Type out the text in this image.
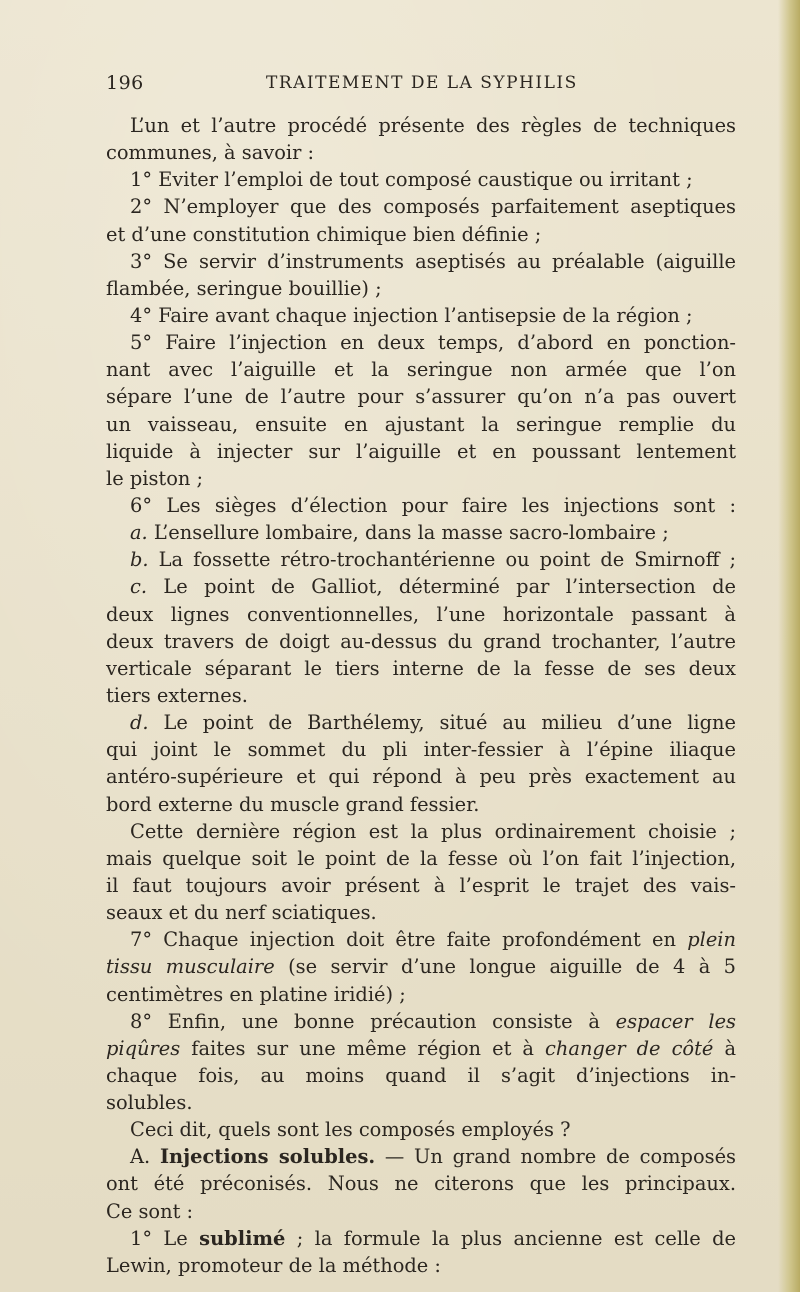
196	TRAITEMENT DE LA SYPHILIS
L’un et l’autre procédé présente des règles de techniques
communes, à savoir :
1° Eviter l’emploi de tout composé caustique ou irritant ;
2° N’employer que des composés parfaitement aseptiques
et d’une constitution chimique bien définie ;
3° Se servir d’instruments aseptisés au préalable (aiguille
flambée, seringue bouillie) ;
4° Faire avant chaque injection l’antisepsie de la région ;
5° Faire l’injection en deux temps, d’abord en ponction-
nant avec l’aiguille et la seringue non armée que l’on
sépare l’une de l’autre pour s’assurer qu’on n’a pas ouvert
un vaisseau, ensuite en ajustant la seringue remplie du
liquide à injecter sur l’aiguille et en poussant lentement
le piston ;
6° Les sièges d’élection pour faire les injections sont :
a. L’ensellure lombaire, dans la masse sacro-lombaire ;
b. La fossette rétro-trochantérienne ou point de Smirnoff ;
c. Le point de Galliot, déterminé par l’intersection de
deux lignes conventionnelles, l’une horizontale passant à
deux travers de doigt au-dessus du grand trochanter, l’autre
verticale séparant le tiers interne de la fesse de ses deux
tiers externes.
d. Le point de Barthélemy, situé au milieu d’une ligne
qui joint le sommet du pli inter-fessier à l’épine iliaque
antéro-supérieure et qui répond à peu près exactement au
bord externe du muscle grand fessier.
Cette dernière région est la plus ordinairement choisie ;
mais quelque soit le point de la fesse où l’on fait l’injection,
il faut toujours avoir présent à l’esprit le trajet des vais-
seaux et du nerf sciatiques.
7° Chaque injection doit être faite profondément en plein
tissu musculaire (se servir d’une longue aiguille de 4 à 5
centimètres en platine iridié) ;
8° Enfin, une bonne précaution consiste à espacer les
piqûres faites sur une même région et à changer de côté à
chaque fois, au moins quand il s’agit d’injections in-
solubles.
Ceci dit, quels sont les composés employés ?
A. Injections solubles. — Un grand nombre de composés
ont été préconisés. Nous ne citerons que les principaux.
Ce sont :
1° Le sublimé ; la formule la plus ancienne est celle de
Lewin, promoteur de la méthode :
